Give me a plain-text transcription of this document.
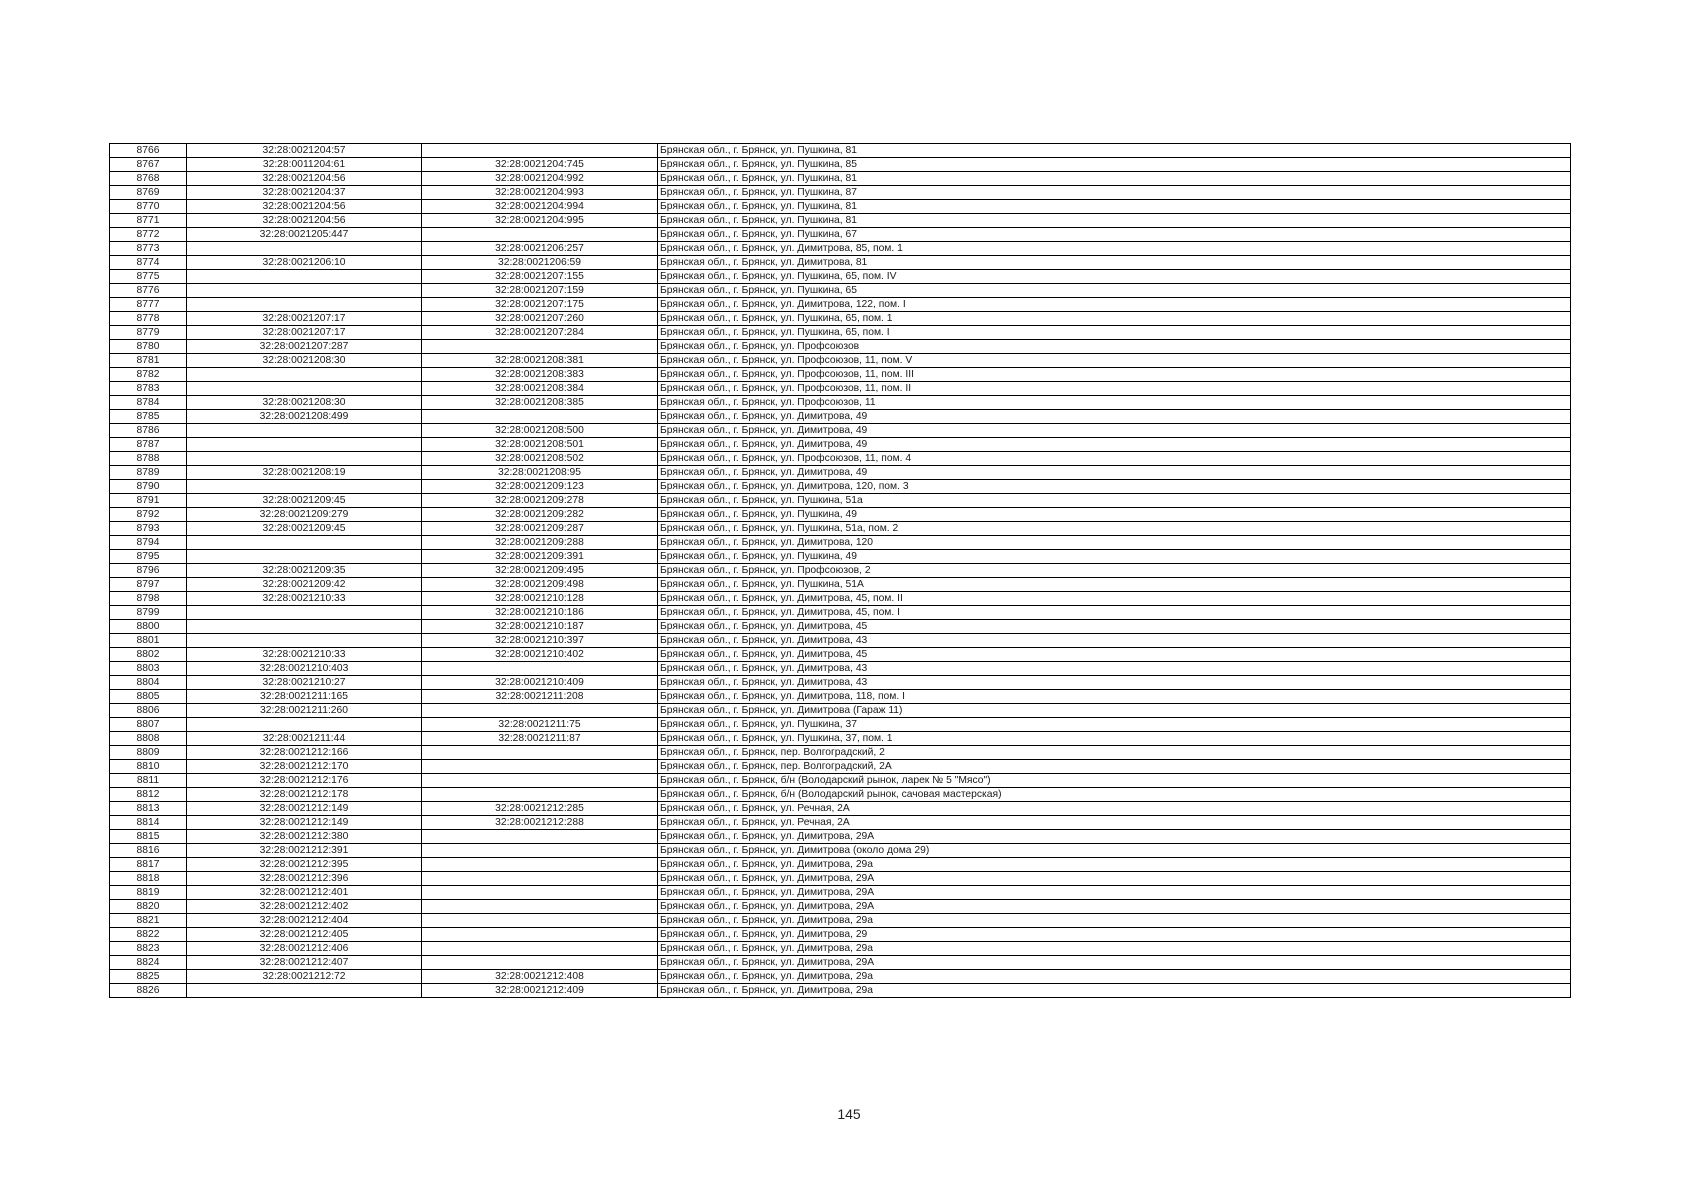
8766	32:28:0021204:57		Брянская обл., г. Брянск, ул. Пушкина, 81
8767	32:28:0011204:61	32:28:0021204:745	Брянская обл., г. Брянск, ул. Пушкина, 85
8768	32:28:0021204:56	32:28:0021204:992	Брянская обл., г. Брянск, ул. Пушкина, 81
8769	32:28:0021204:37	32:28:0021204:993	Брянская обл., г. Брянск, ул. Пушкина, 87
8770	32:28:0021204:56	32:28:0021204:994	Брянская обл., г. Брянск, ул. Пушкина, 81
8771	32:28:0021204:56	32:28:0021204:995	Брянская обл., г. Брянск, ул. Пушкина, 81
8772	32:28:0021205:447		Брянская обл., г. Брянск, ул. Пушкина, 67
8773		32:28:0021206:257	Брянская обл., г. Брянск, ул. Димитрова, 85, пом. 1
8774	32:28:0021206:10	32:28:0021206:59	Брянская обл., г. Брянск, ул. Димитрова, 81
8775		32:28:0021207:155	Брянская обл., г. Брянск, ул. Пушкина, 65, пом. IV
8776		32:28:0021207:159	Брянская обл., г. Брянск, ул. Пушкина, 65
8777		32:28:0021207:175	Брянская обл., г. Брянск, ул. Димитрова, 122, пом. I
8778	32:28:0021207:17	32:28:0021207:260	Брянская обл., г. Брянск, ул. Пушкина, 65, пом. 1
8779	32:28:0021207:17	32:28:0021207:284	Брянская обл., г. Брянск, ул. Пушкина, 65, пом. I
8780	32:28:0021207:287		Брянская обл., г. Брянск, ул. Профсоюзов
8781	32:28:0021208:30	32:28:0021208:381	Брянская обл., г. Брянск, ул. Профсоюзов, 11, пом. V
8782		32:28:0021208:383	Брянская обл., г. Брянск, ул. Профсоюзов, 11, пом. III
8783		32:28:0021208:384	Брянская обл., г. Брянск, ул. Профсоюзов, 11, пом. II
8784	32:28:0021208:30	32:28:0021208:385	Брянская обл., г. Брянск, ул. Профсоюзов, 11
8785	32:28:0021208:499		Брянская обл., г. Брянск, ул. Димитрова, 49
8786		32:28:0021208:500	Брянская обл., г. Брянск, ул. Димитрова, 49
8787		32:28:0021208:501	Брянская обл., г. Брянск, ул. Димитрова, 49
8788		32:28:0021208:502	Брянская обл., г. Брянск, ул. Профсоюзов, 11, пом. 4
8789	32:28:0021208:19	32:28:0021208:95	Брянская обл., г. Брянск, ул. Димитрова, 49
8790		32:28:0021209:123	Брянская обл., г. Брянск, ул. Димитрова, 120, пом. 3
8791	32:28:0021209:45	32:28:0021209:278	Брянская обл., г. Брянск, ул. Пушкина, 51а
8792	32:28:0021209:279	32:28:0021209:282	Брянская обл., г. Брянск, ул. Пушкина, 49
8793	32:28:0021209:45	32:28:0021209:287	Брянская обл., г. Брянск, ул. Пушкина, 51а, пом. 2
8794		32:28:0021209:288	Брянская обл., г. Брянск, ул. Димитрова, 120
8795		32:28:0021209:391	Брянская обл., г. Брянск, ул. Пушкина, 49
8796	32:28:0021209:35	32:28:0021209:495	Брянская обл., г. Брянск, ул. Профсоюзов, 2
8797	32:28:0021209:42	32:28:0021209:498	Брянская обл., г. Брянск, ул. Пушкина, 51А
8798	32:28:0021210:33	32:28:0021210:128	Брянская обл., г. Брянск, ул. Димитрова, 45, пом. II
8799		32:28:0021210:186	Брянская обл., г. Брянск, ул. Димитрова, 45, пом. I
8800		32:28:0021210:187	Брянская обл., г. Брянск, ул. Димитрова, 45
8801		32:28:0021210:397	Брянская обл., г. Брянск, ул. Димитрова, 43
8802	32:28:0021210:33	32:28:0021210:402	Брянская обл., г. Брянск, ул. Димитрова, 45
8803	32:28:0021210:403		Брянская обл., г. Брянск, ул. Димитрова, 43
8804	32:28:0021210:27	32:28:0021210:409	Брянская обл., г. Брянск, ул. Димитрова, 43
8805	32:28:0021211:165	32:28:0021211:208	Брянская обл., г. Брянск, ул. Димитрова, 118, пом. I
8806	32:28:0021211:260		Брянская обл., г. Брянск, ул. Димитрова (Гараж 11)
8807		32:28:0021211:75	Брянская обл., г. Брянск, ул. Пушкина, 37
8808	32:28:0021211:44	32:28:0021211:87	Брянская обл., г. Брянск, ул. Пушкина, 37, пом. 1
8809	32:28:0021212:166		Брянская обл., г. Брянск, пер. Волгоградский, 2
8810	32:28:0021212:170		Брянская обл., г. Брянск, пер. Волгоградский, 2А
8811	32:28:0021212:176		Брянская обл., г. Брянск, б/н (Володарский рынок, ларек № 5 "Мясо")
8812	32:28:0021212:178		Брянская обл., г. Брянск, б/н (Володарский рынок, сачовая мастерская)
8813	32:28:0021212:149	32:28:0021212:285	Брянская обл., г. Брянск, ул. Речная, 2А
8814	32:28:0021212:149	32:28:0021212:288	Брянская обл., г. Брянск, ул. Речная, 2А
8815	32:28:0021212:380		Брянская обл., г. Брянск, ул. Димитрова, 29А
8816	32:28:0021212:391		Брянская обл., г. Брянск, ул. Димитрова (около дома 29)
8817	32:28:0021212:395		Брянская обл., г. Брянск, ул. Димитрова, 29а
8818	32:28:0021212:396		Брянская обл., г. Брянск, ул. Димитрова, 29А
8819	32:28:0021212:401		Брянская обл., г. Брянск, ул. Димитрова, 29А
8820	32:28:0021212:402		Брянская обл., г. Брянск, ул. Димитрова, 29А
8821	32:28:0021212:404		Брянская обл., г. Брянск, ул. Димитрова, 29а
8822	32:28:0021212:405		Брянская обл., г. Брянск, ул. Димитрова, 29
8823	32:28:0021212:406		Брянская обл., г. Брянск, ул. Димитрова, 29а
8824	32:28:0021212:407		Брянская обл., г. Брянск, ул. Димитрова, 29А
8825	32:28:0021212:72	32:28:0021212:408	Брянская обл., г. Брянск, ул. Димитрова, 29а
8826		32:28:0021212:409	Брянская обл., г. Брянск, ул. Димитрова, 29а
145
